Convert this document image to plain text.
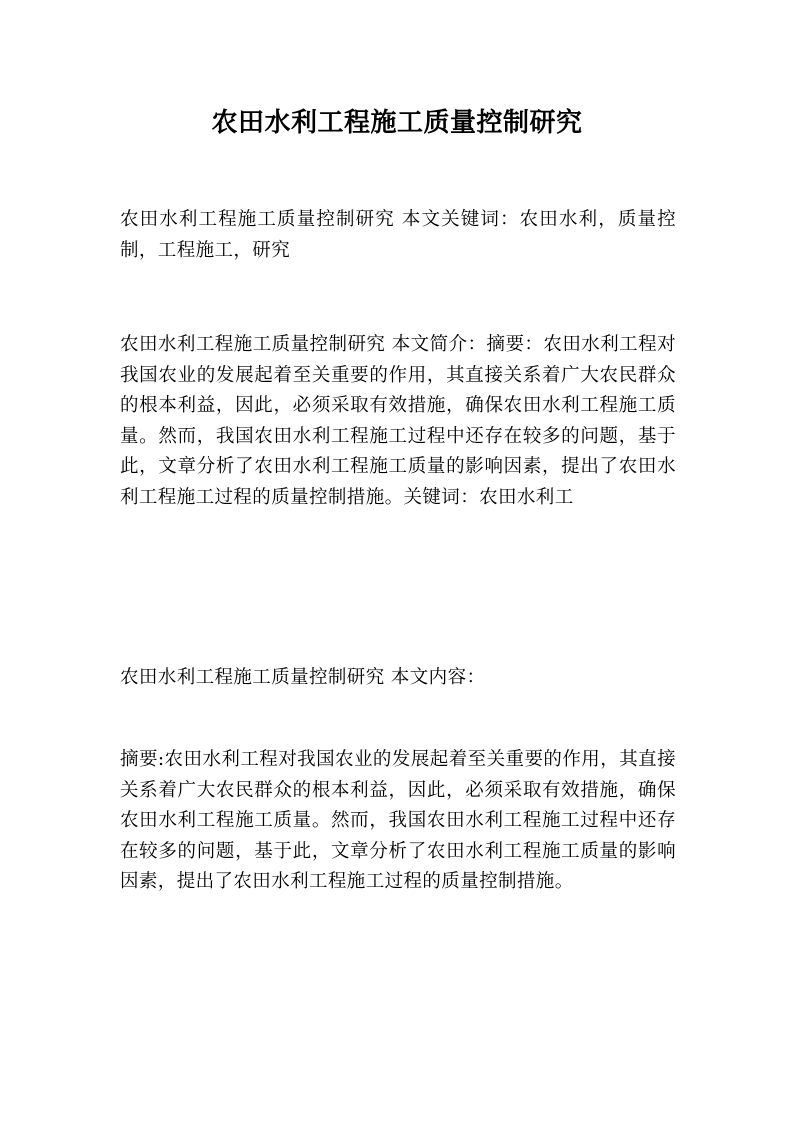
农田水利工程施工质量控制研究
农田水利工程施工质量控制研究 本文关键词：农田水利，质量控制，工程施工，研究
农田水利工程施工质量控制研究 本文简介：摘要：农田水利工程对我国农业的发展起着至关重要的作用，其直接关系着广大农民群众的根本利益，因此，必须采取有效措施，确保农田水利工程施工质量。然而，我国农田水利工程施工过程中还存在较多的问题，基于此，文章分析了农田水利工程施工质量的影响因素，提出了农田水利工程施工过程的质量控制措施。关键词：农田水利工
农田水利工程施工质量控制研究 本文内容：
摘要:农田水利工程对我国农业的发展起着至关重要的作用，其直接关系着广大农民群众的根本利益，因此，必须采取有效措施，确保农田水利工程施工质量。然而，我国农田水利工程施工过程中还存在较多的问题，基于此，文章分析了农田水利工程施工质量的影响因素，提出了农田水利工程施工过程的质量控制措施。
